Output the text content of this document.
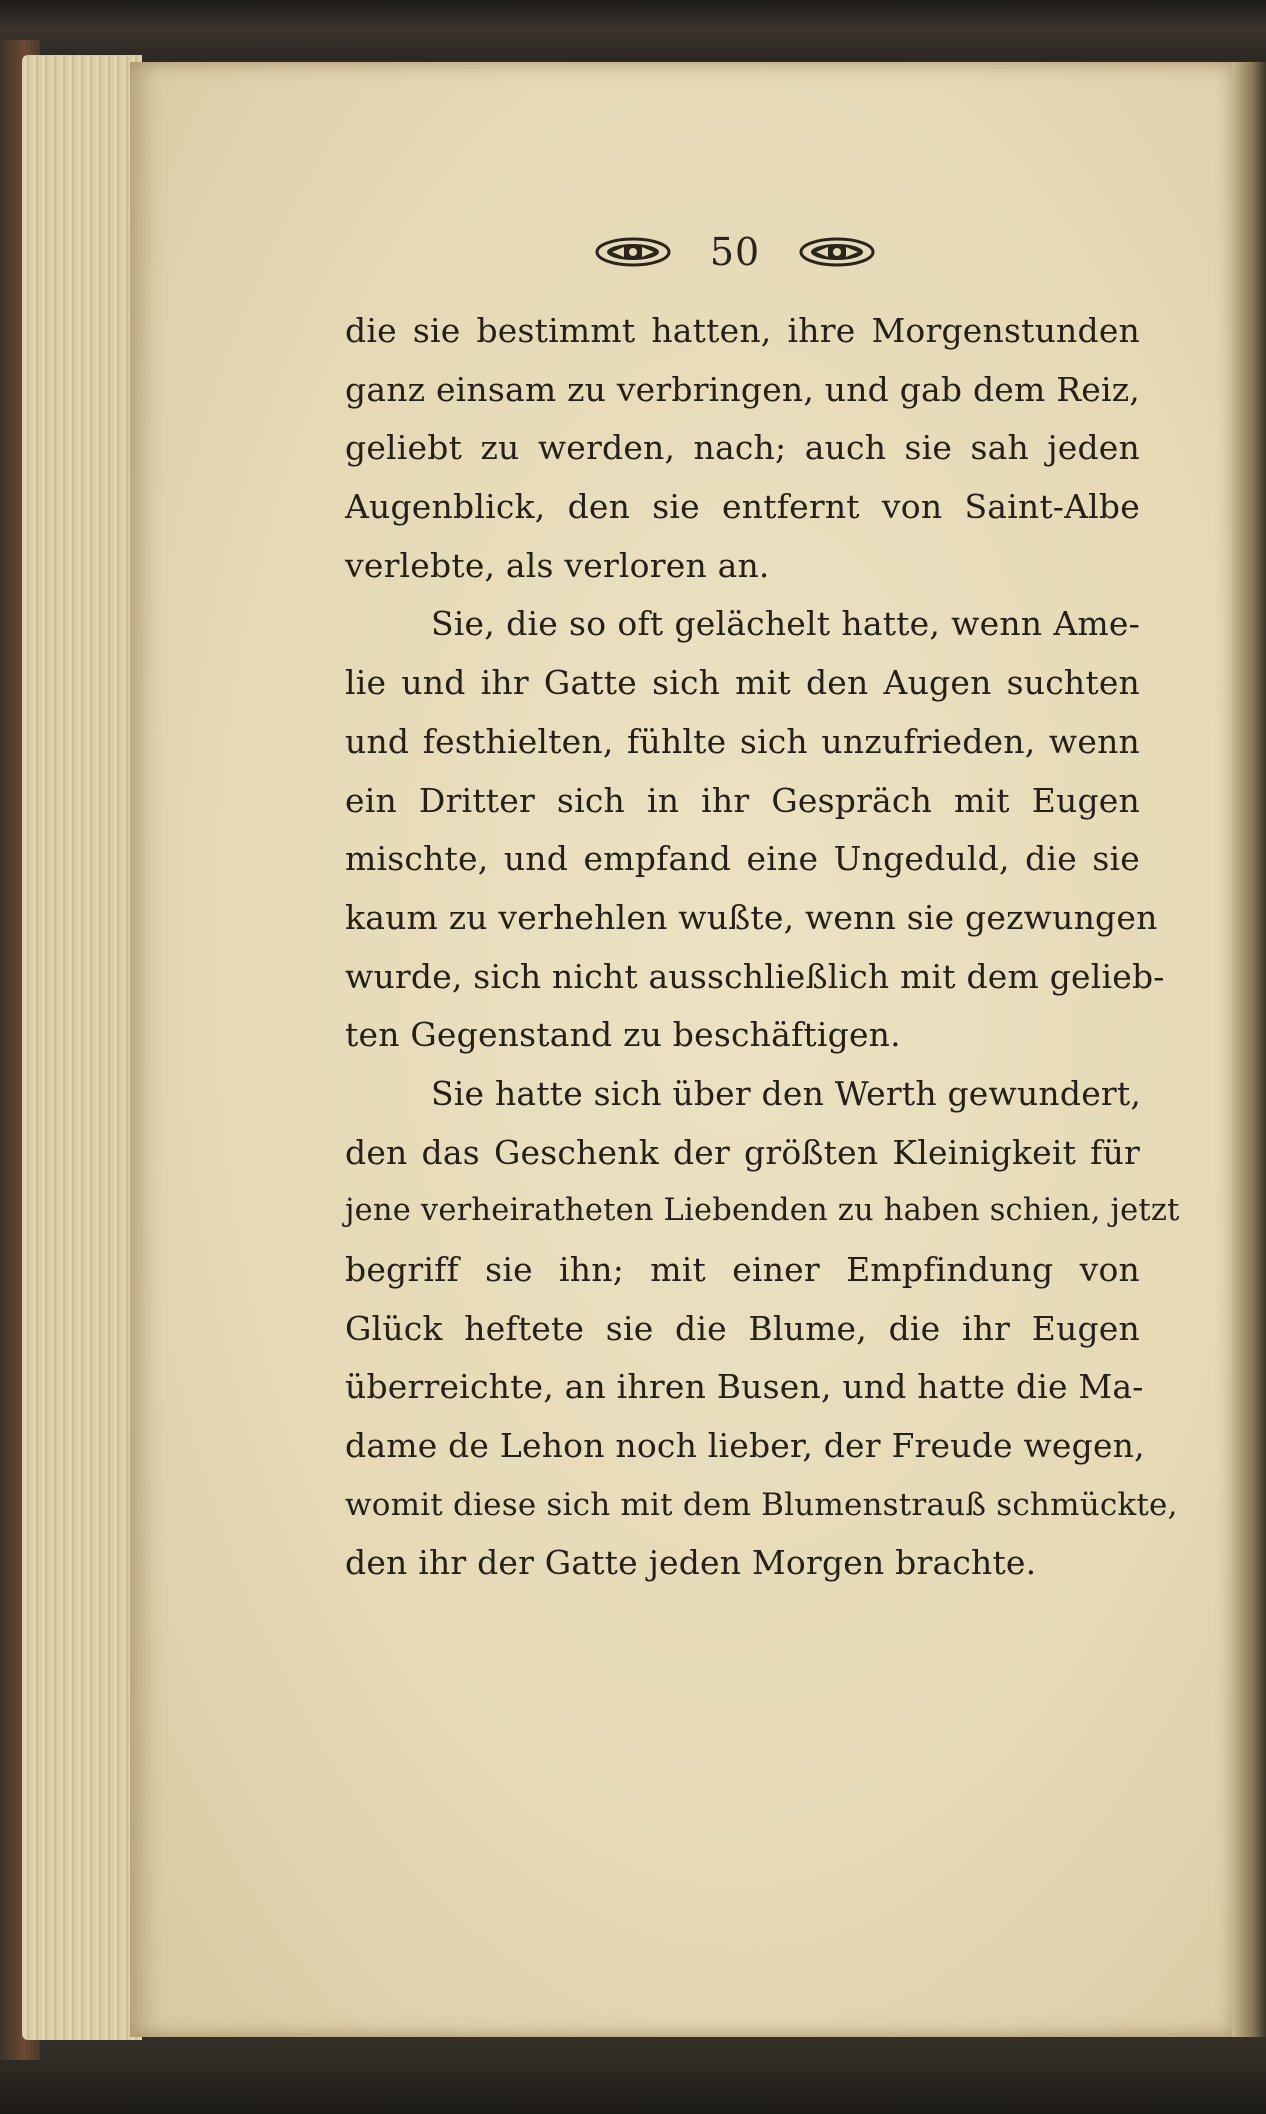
50
die sie bestimmt hatten, ihre Morgenstunden
ganz einsam zu verbringen, und gab dem Reiz,
geliebt zu werden, nach; auch sie sah jeden
Augenblick, den sie entfernt von Saint-Albe
verlebte, als verloren an.
Sie, die so oft gelächelt hatte, wenn Ame-
lie und ihr Gatte sich mit den Augen suchten
und festhielten, fühlte sich unzufrieden, wenn
ein Dritter sich in ihr Gespräch mit Eugen
mischte, und empfand eine Ungeduld, die sie
kaum zu verhehlen wußte, wenn sie gezwungen
wurde, sich nicht ausschließlich mit dem gelieb-
ten Gegenstand zu beschäftigen.
Sie hatte sich über den Werth gewundert,
den das Geschenk der größten Kleinigkeit für
jene verheiratheten Liebenden zu haben schien, jetzt
begriff sie ihn; mit einer Empfindung von
Glück heftete sie die Blume, die ihr Eugen
überreichte, an ihren Busen, und hatte die Ma-
dame de Lehon noch lieber, der Freude wegen,
womit diese sich mit dem Blumenstrauß schmückte,
den ihr der Gatte jeden Morgen brachte.
